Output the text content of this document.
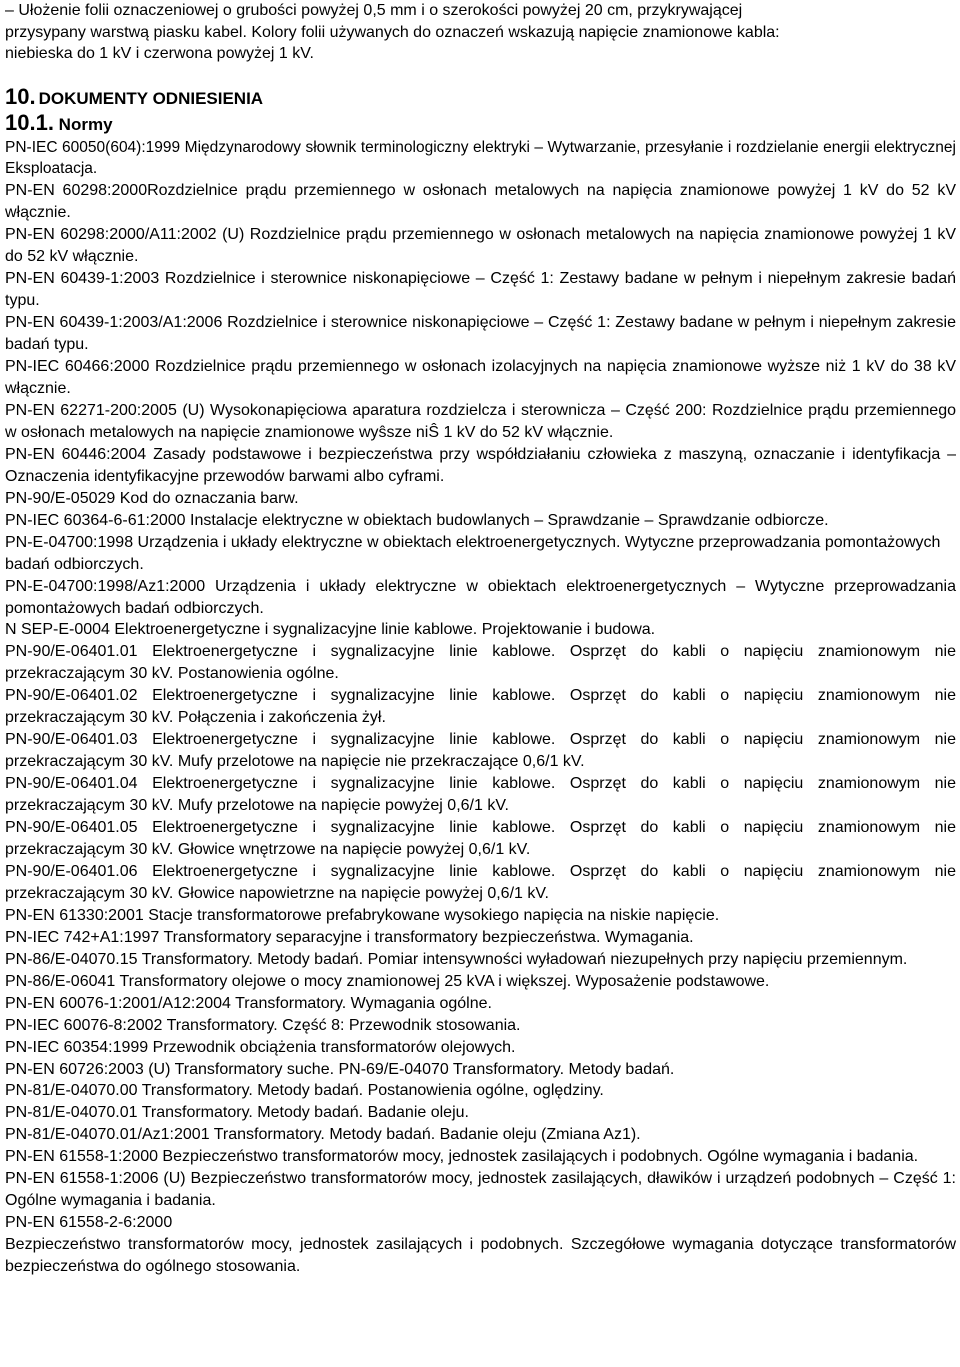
– Ułożenie folii oznaczeniowej o grubości powyżej 0,5 mm i o szerokości powyżej 20 cm, przykrywającej
przysypany warstwą piasku kabel. Kolory folii używanych do oznaczeń wskazują napięcie znamionowe kabla:
niebieska do 1 kV i czerwona powyżej 1 kV.

10. DOKUMENTY ODNIESIENIA
10.1. Normy
PN-IEC 60050(604):1999 Międzynarodowy słownik terminologiczny elektryki – Wytwarzanie, przesyłanie i rozdzielanie energii elektrycznej Eksploatacja.
PN-EN 60298:2000Rozdzielnice prądu przemiennego w osłonach metalowych na napięcia znamionowe powyżej 1 kV do 52 kV włącznie.
PN-EN 60298:2000/A11:2002 (U) Rozdzielnice prądu przemiennego w osłonach metalowych na napięcia znamionowe powyżej 1 kV do 52 kV włącznie.
PN-EN 60439-1:2003 Rozdzielnice i sterownice niskonapięciowe – Część 1: Zestawy badane w pełnym i niepełnym zakresie badań typu.
PN-EN 60439-1:2003/A1:2006 Rozdzielnice i sterownice niskonapięciowe – Część 1: Zestawy badane w pełnym i niepełnym zakresie badań typu.
PN-IEC 60466:2000 Rozdzielnice prądu przemiennego w osłonach izolacyjnych na napięcia znamionowe wyższe niż 1 kV do 38 kV włącznie.
PN-EN 62271-200:2005 (U) Wysokonapięciowa aparatura rozdzielcza i sterownicza – Część 200: Rozdzielnice prądu przemiennego w osłonach metalowych na napięcie znamionowe wyŝsze niŜ 1 kV do 52 kV włącznie.
PN-EN 60446:2004 Zasady podstawowe i bezpieczeństwa przy współdziałaniu człowieka z maszyną, oznaczanie i identyfikacja – Oznaczenia identyfikacyjne przewodów barwami albo cyframi.
PN-90/E-05029 Kod do oznaczania barw.
PN-IEC 60364-6-61:2000 Instalacje elektryczne w obiektach budowlanych – Sprawdzanie – Sprawdzanie odbiorcze.
PN-E-04700:1998 Urządzenia i układy elektryczne w obiektach elektroenergetycznych. Wytyczne przeprowadzania pomontażowych
badań odbiorczych.
PN-E-04700:1998/Az1:2000 Urządzenia i układy elektryczne w obiektach elektroenergetycznych – Wytyczne przeprowadzania pomontażowych badań odbiorczych.
N SEP-E-0004 Elektroenergetyczne i sygnalizacyjne linie kablowe. Projektowanie i budowa.
PN-90/E-06401.01 Elektroenergetyczne i sygnalizacyjne linie kablowe. Osprzęt do kabli o napięciu znamionowym nie przekraczającym 30 kV. Postanowienia ogólne.
PN-90/E-06401.02 Elektroenergetyczne i sygnalizacyjne linie kablowe. Osprzęt do kabli o napięciu znamionowym nie przekraczającym 30 kV. Połączenia i zakończenia żył.
PN-90/E-06401.03 Elektroenergetyczne i sygnalizacyjne linie kablowe. Osprzęt do kabli o napięciu znamionowym nie przekraczającym 30 kV. Mufy przelotowe na napięcie nie przekraczające 0,6/1 kV.
PN-90/E-06401.04 Elektroenergetyczne i sygnalizacyjne linie kablowe. Osprzęt do kabli o napięciu znamionowym nie przekraczającym 30 kV. Mufy przelotowe na napięcie powyżej 0,6/1 kV.
PN-90/E-06401.05 Elektroenergetyczne i sygnalizacyjne linie kablowe. Osprzęt do kabli o napięciu znamionowym nie przekraczającym 30 kV. Głowice wnętrzowe na napięcie powyżej 0,6/1 kV.
PN-90/E-06401.06 Elektroenergetyczne i sygnalizacyjne linie kablowe. Osprzęt do kabli o napięciu znamionowym nie przekraczającym 30 kV. Głowice napowietrzne na napięcie powyżej 0,6/1 kV.
PN-EN 61330:2001 Stacje transformatorowe prefabrykowane wysokiego napięcia na niskie napięcie.
PN-IEC 742+A1:1997 Transformatory separacyjne i transformatory bezpieczeństwa. Wymagania.
PN-86/E-04070.15 Transformatory. Metody badań. Pomiar intensywności wyładowań niezupełnych przy napięciu przemiennym.
PN-86/E-06041 Transformatory olejowe o mocy znamionowej 25 kVA i większej. Wyposażenie podstawowe.
PN-EN 60076-1:2001/A12:2004 Transformatory. Wymagania ogólne.
PN-IEC 60076-8:2002 Transformatory. Część 8: Przewodnik stosowania.
PN-IEC 60354:1999 Przewodnik obciążenia transformatorów olejowych.
PN-EN 60726:2003 (U) Transformatory suche. PN-69/E-04070 Transformatory. Metody badań.
PN-81/E-04070.00 Transformatory. Metody badań. Postanowienia ogólne, oględziny.
PN-81/E-04070.01 Transformatory. Metody badań. Badanie oleju.
PN-81/E-04070.01/Az1:2001 Transformatory. Metody badań. Badanie oleju (Zmiana Az1).
PN-EN 61558-1:2000 Bezpieczeństwo transformatorów mocy, jednostek zasilających i podobnych. Ogólne wymagania i badania.
PN-EN 61558-1:2006 (U) Bezpieczeństwo transformatorów mocy, jednostek zasilających, dławików i urządzeń podobnych – Część 1: Ogólne wymagania i badania.
PN-EN 61558-2-6:2000
Bezpieczeństwo transformatorów mocy, jednostek zasilających i podobnych. Szczegółowe wymagania dotyczące transformatorów bezpieczeństwa do ogólnego stosowania.
